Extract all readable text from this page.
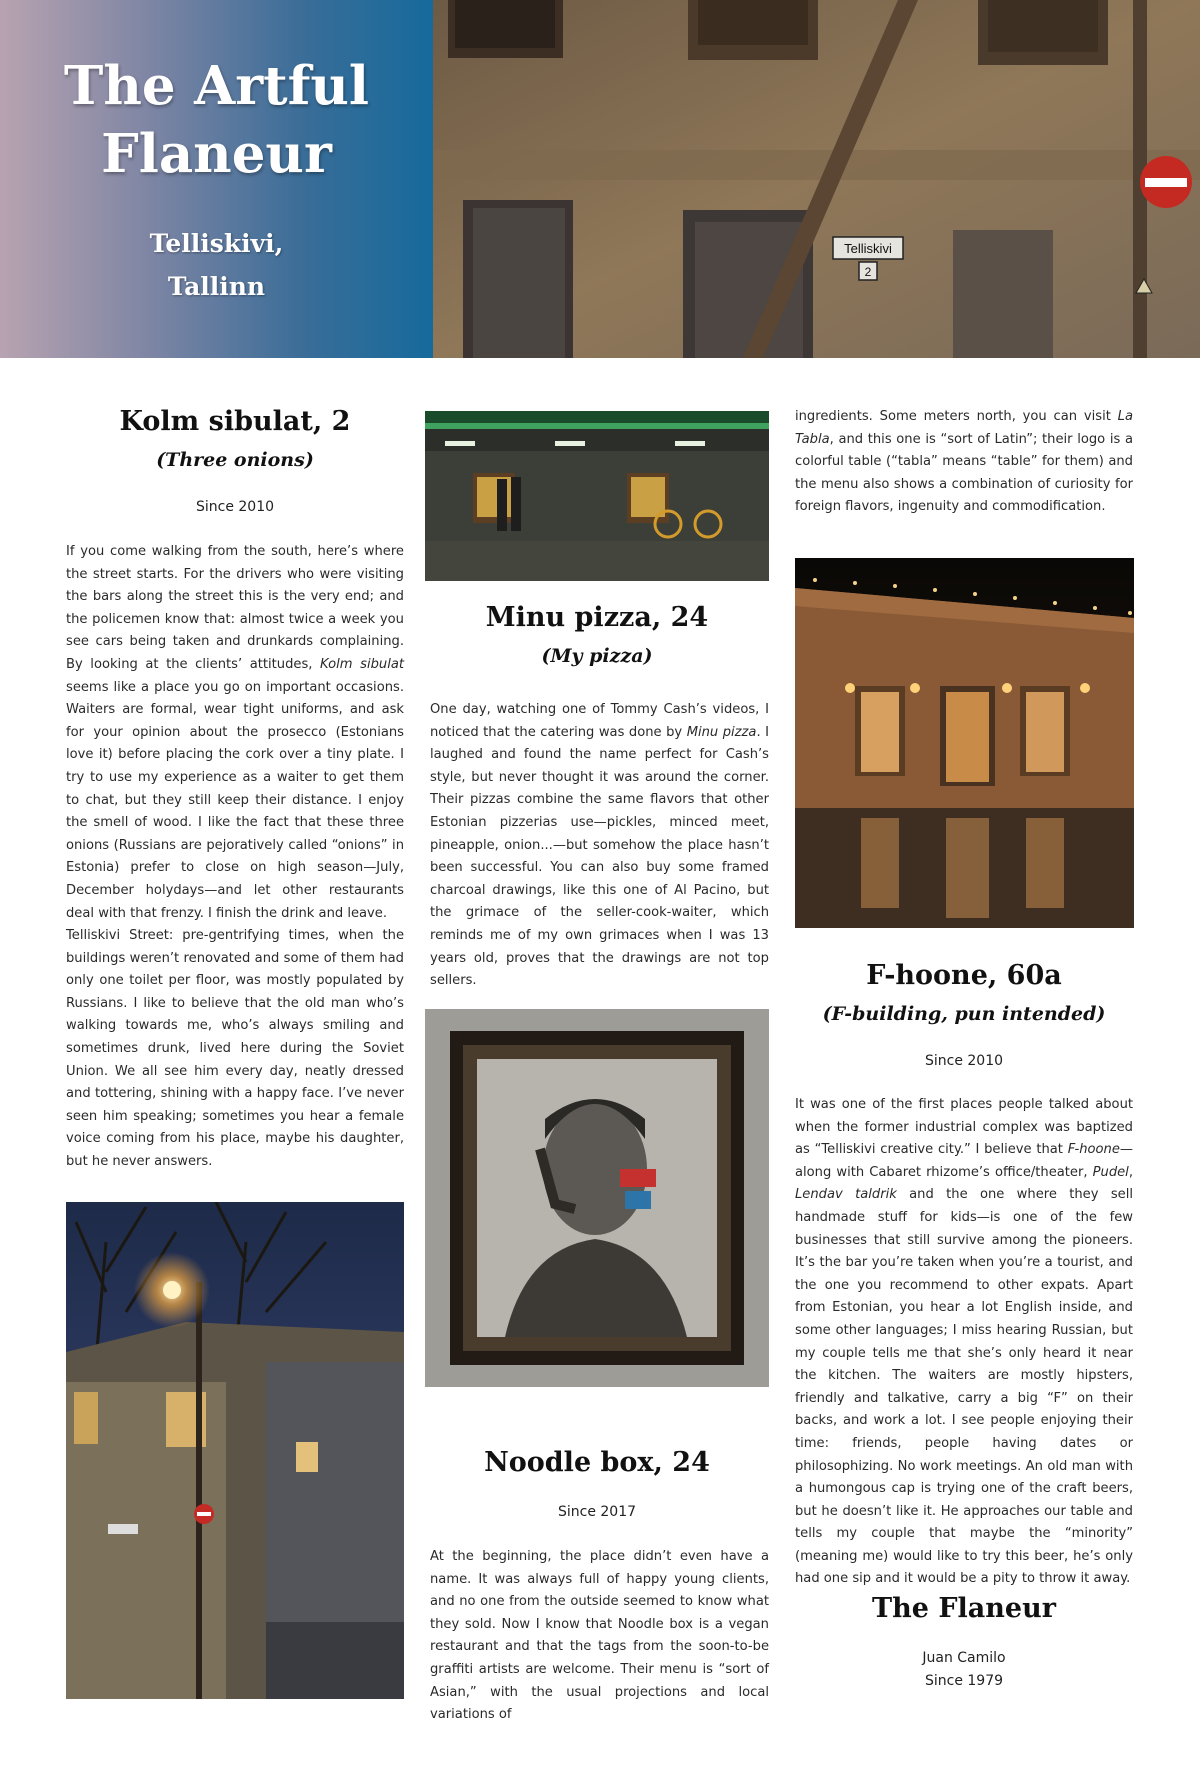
The Artful
Flaneur
Telliskivi,
Tallinn
Telliskivi
2
Kolm sibulat, 2
(Three onions)
Since 2010

If you come walking from the south, here’s where the street starts. For the drivers who were visiting the bars along the street this is the very end; and the policemen know that: almost twice a week you see cars being taken and drunkards complaining. By looking at the clients’ attitudes, Kolm sibulat seems like a place you go on important occasions. Waiters are formal, wear tight uniforms, and ask for your opinion about the prosecco (Estonians love it) before placing the cork over a tiny plate. I try to use my experience as a waiter to get them to chat, but they still keep their distance. I enjoy the smell of wood. I like the fact that these three onions (Russians are pejoratively called “onions” in Estonia) prefer to close on high season—July, December holydays—and let other restaurants deal with that frenzy. I finish the drink and leave.

Telliskivi Street: pre-gentrifying times, when the buildings weren’t renovated and some of them had only one toilet per floor, was mostly populated by Russians. I like to believe that the old man who’s walking towards me, who’s always smiling and sometimes drunk, lived here during the Soviet Union. We all see him every day, neatly dressed and tottering, shining with a happy face. I’ve never seen him speaking; sometimes you hear a female voice coming from his place, maybe his daughter, but he never answers.

Minu pizza, 24
(My pizza)

One day, watching one of Tommy Cash’s videos, I noticed that the catering was done by Minu pizza. I laughed and found the name perfect for Cash’s style, but never thought it was around the corner. Their pizzas combine the same flavors that other Estonian pizzerias use—pickles, minced meet, pineapple, onion...—but somehow the place hasn’t been successful. You can also buy some framed charcoal drawings, like this one of Al Pacino, but the grimace of the seller-cook-waiter, which reminds me of my own grimaces when I was 13 years old, proves that the drawings are not top sellers.

Noodle box, 24
Since 2017

At the beginning, the place didn’t even have a name. It was always full of happy young clients, and no one from the outside seemed to know what they sold. Now I know that Noodle box is a vegan restaurant and that the tags from the soon-to-be graffiti artists are welcome. Their menu is “sort of Asian,” with the usual projections and local variations of

ingredients. Some meters north, you can visit La Tabla, and this one is “sort of Latin”; their logo is a colorful table (“tabla” means “table” for them) and the menu also shows a combination of curiosity for foreign flavors, ingenuity and commodification.

F-hoone, 60a
(F-building, pun intended)
Since 2010

It was one of the first places people talked about when the former industrial complex was baptized as “Telliskivi creative city.” I believe that F-hoone—along with Cabaret rhizome’s office/theater, Pudel, Lendav taldrik and the one where they sell handmade stuff for kids—is one of the few businesses that still survive among the pioneers. It’s the bar you’re taken when you’re a tourist, and the one you recommend to other expats. Apart from Estonian, you hear a lot English inside, and some other languages; I miss hearing Russian, but my couple tells me that she’s only heard it near the kitchen. The waiters are mostly hipsters, friendly and talkative, carry a big “F” on their backs, and work a lot. I see people enjoying their time: friends, people having dates or philosophizing. No work meetings. An old man with a humongous cap is trying one of the craft beers, but he doesn’t like it. He approaches our table and tells my couple that maybe the “minority” (meaning me) would like to try this beer, he’s only had one sip and it would be a pity to throw it away.

The Flaneur
Juan Camilo
Since 1979
